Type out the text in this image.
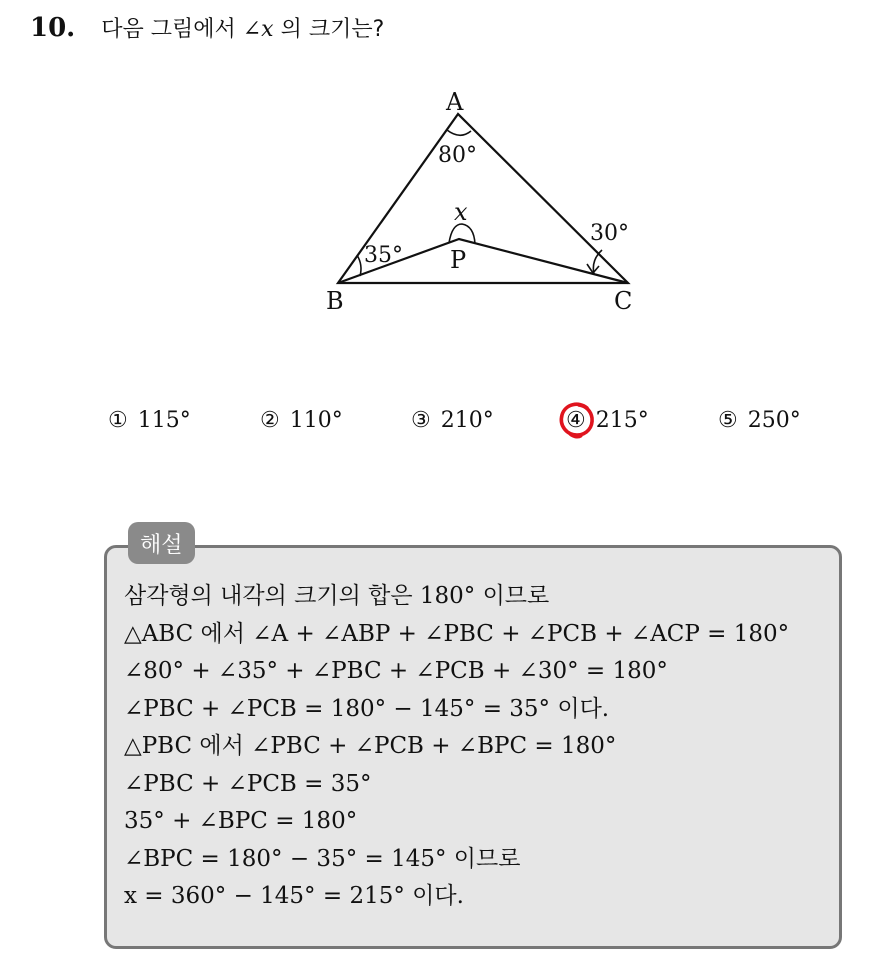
10. 다음 그림에서 ∠x 의 크기는?
A
B	C
P
80°
35°
30°
x
① 115°	② 110°	③ 210°	④ 215°	⑤ 250°
해설
삼각형의 내각의 크기의 합은 180° 이므로
△ABC 에서 ∠A + ∠ABP + ∠PBC + ∠PCB + ∠ACP = 180°
∠80° + ∠35° + ∠PBC + ∠PCB + ∠30° = 180°
∠PBC + ∠PCB = 180° − 145° = 35° 이다.
△PBC 에서 ∠PBC + ∠PCB + ∠BPC = 180°
∠PBC + ∠PCB = 35°
35° + ∠BPC = 180°
∠BPC = 180° − 35° = 145° 이므로
x = 360° − 145° = 215° 이다.
